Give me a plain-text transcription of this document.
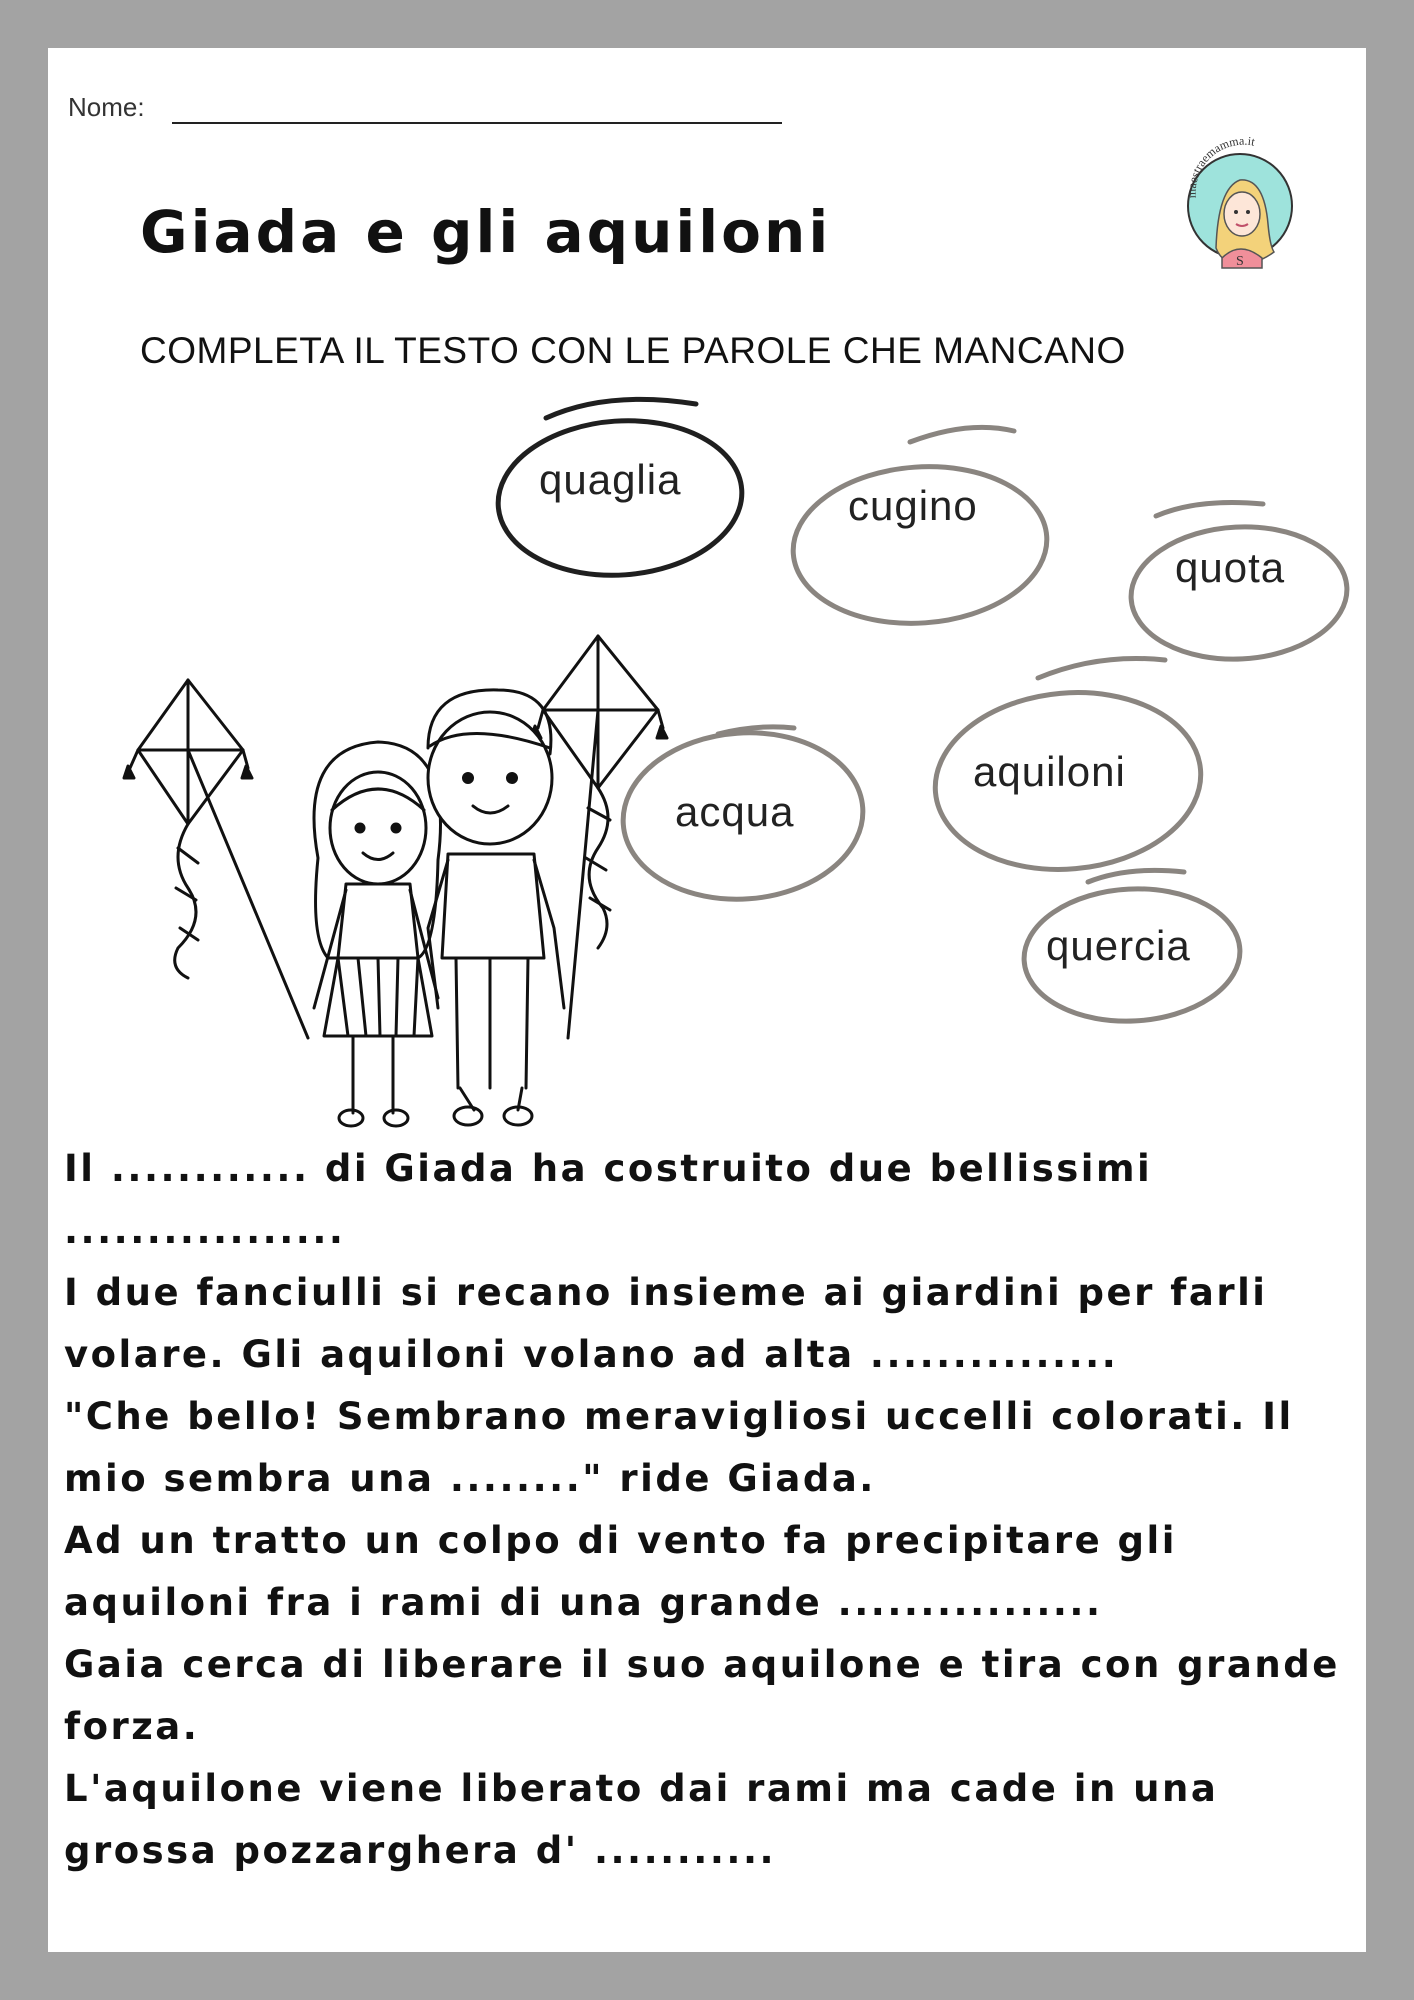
Nome:
maestraemamma.it
S
Giada e gli aquiloni
COMPLETA IL TESTO CON LE PAROLE CHE MANCANO
quaglia
cugino
quota
aquiloni
acqua
quercia

Il ............ di Giada ha costruito due bellissimi

.................

I due fanciulli si recano insieme ai giardini per farli

volare. Gli aquiloni volano ad alta ...............

"Che bello! Sembrano meravigliosi uccelli colorati. Il

mio sembra una ........" ride Giada.

Ad un tratto un colpo di vento fa precipitare gli

aquiloni fra i rami di una grande ................

Gaia cerca di liberare il suo aquilone e tira con grande

forza.

L'aquilone viene liberato dai rami ma cade in una

grossa pozzarghera d' ...........
